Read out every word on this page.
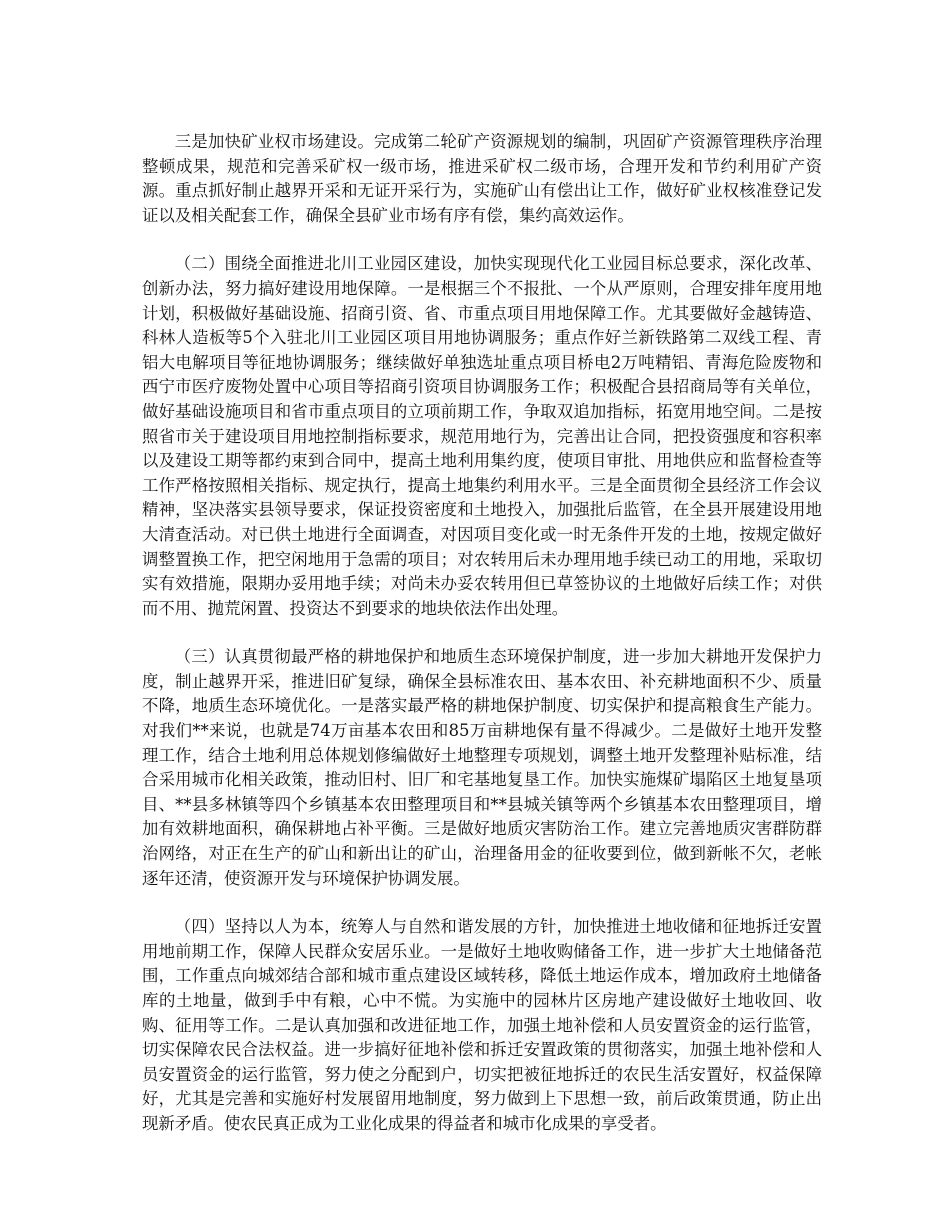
三是加快矿业权市场建设。完成第二轮矿产资源规划的编制，巩固矿产资源管理秩序治理整顿成果，规范和完善采矿权一级市场，推进采矿权二级市场，合理开发和节约利用矿产资源。重点抓好制止越界开采和无证开采行为，实施矿山有偿出让工作，做好矿业权核准登记发证以及相关配套工作，确保全县矿业市场有序有偿，集约高效运作。

（二）围绕全面推进北川工业园区建设，加快实现现代化工业园目标总要求，深化改革、创新办法，努力搞好建设用地保障。一是根据三个不报批、一个从严原则，合理安排年度用地计划，积极做好基础设施、招商引资、省、市重点项目用地保障工作。尤其要做好金越铸造、科林人造板等5个入驻北川工业园区项目用地协调服务；重点作好兰新铁路第二双线工程、青铝大电解项目等征地协调服务；继续做好单独选址重点项目桥电2万吨精铝、青海危险废物和西宁市医疗废物处置中心项目等招商引资项目协调服务工作；积极配合县招商局等有关单位，做好基础设施项目和省市重点项目的立项前期工作，争取双追加指标，拓宽用地空间。二是按照省市关于建设项目用地控制指标要求，规范用地行为，完善出让合同，把投资强度和容积率以及建设工期等都约束到合同中，提高土地利用集约度，使项目审批、用地供应和监督检查等工作严格按照相关指标、规定执行，提高土地集约利用水平。三是全面贯彻全县经济工作会议精神，坚决落实县领导要求，保证投资密度和土地投入，加强批后监管，在全县开展建设用地大清查活动。对已供土地进行全面调查，对因项目变化或一时无条件开发的土地，按规定做好调整置换工作，把空闲地用于急需的项目；对农转用后未办理用地手续已动工的用地，采取切实有效措施，限期办妥用地手续；对尚未办妥农转用但已草签协议的土地做好后续工作；对供而不用、抛荒闲置、投资达不到要求的地块依法作出处理。

（三）认真贯彻最严格的耕地保护和地质生态环境保护制度，进一步加大耕地开发保护力度，制止越界开采，推进旧矿复绿，确保全县标准农田、基本农田、补充耕地面积不少、质量不降，地质生态环境优化。一是落实最严格的耕地保护制度、切实保护和提高粮食生产能力。对我们**来说，也就是74万亩基本农田和85万亩耕地保有量不得减少。二是做好土地开发整理工作，结合土地利用总体规划修编做好土地整理专项规划，调整土地开发整理补贴标准，结合采用城市化相关政策，推动旧村、旧厂和宅基地复垦工作。加快实施煤矿塌陷区土地复垦项目、**县多林镇等四个乡镇基本农田整理项目和**县城关镇等两个乡镇基本农田整理项目，增加有效耕地面积，确保耕地占补平衡。三是做好地质灾害防治工作。建立完善地质灾害群防群治网络，对正在生产的矿山和新出让的矿山，治理备用金的征收要到位，做到新帐不欠，老帐逐年还清，使资源开发与环境保护协调发展。

（四）坚持以人为本，统筹人与自然和谐发展的方针，加快推进土地收储和征地拆迁安置用地前期工作，保障人民群众安居乐业。一是做好土地收购储备工作，进一步扩大土地储备范围，工作重点向城郊结合部和城市重点建设区域转移，降低土地运作成本，增加政府土地储备库的土地量，做到手中有粮，心中不慌。为实施中的园林片区房地产建设做好土地收回、收购、征用等工作。二是认真加强和改进征地工作，加强土地补偿和人员安置资金的运行监管，切实保障农民合法权益。进一步搞好征地补偿和拆迁安置政策的贯彻落实，加强土地补偿和人员安置资金的运行监管，努力使之分配到户，切实把被征地拆迁的农民生活安置好，权益保障好，尤其是完善和实施好村发展留用地制度，努力做到上下思想一致，前后政策贯通，防止出现新矛盾。使农民真正成为工业化成果的得益者和城市化成果的享受者。
